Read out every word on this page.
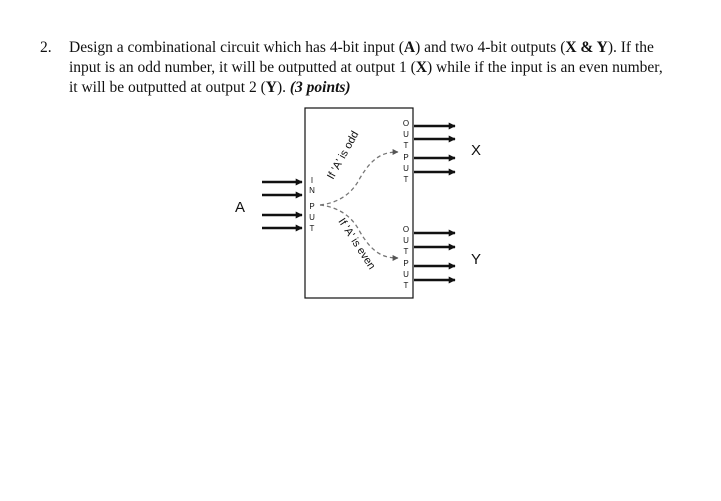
2. Design a combinational circuit which has 4-bit input (A) and two 4-bit outputs (X & Y). If the
input is an odd number, it will be outputted at output 1 (X) while if the input is an even number,
it will be outputted at output 2 (Y). (3 points)
A
X
Y
I
N
P
U
T
O
U
T
P
U
T
O
U
T
P
U
T
If 'A' is odd
If 'A' is even
